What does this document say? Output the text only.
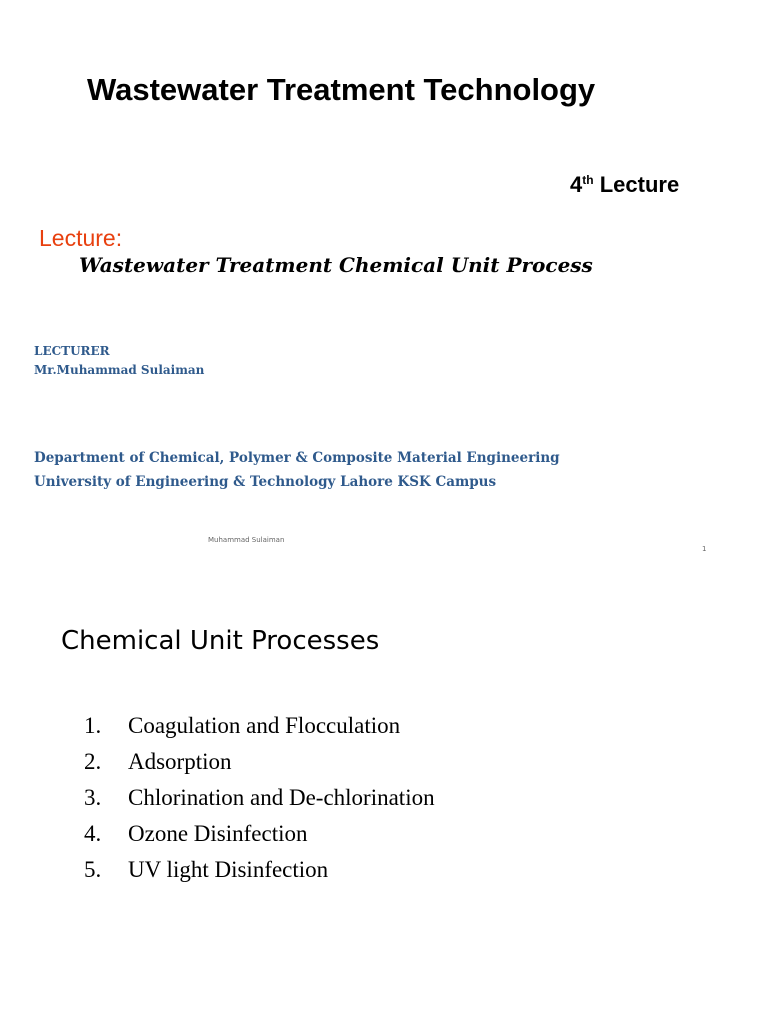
Wastewater Treatment Technology
4th Lecture
Lecture:
Wastewater Treatment Chemical Unit Process
LECTURER
Mr.Muhammad Sulaiman
Department of Chemical, Polymer & Composite Material Engineering
University of Engineering & Technology Lahore KSK Campus
Muhammad Sulaiman
1
Chemical Unit Processes
1.	Coagulation and Flocculation
2.	Adsorption
3.	Chlorination and De-chlorination
4.	Ozone Disinfection
5.	UV light Disinfection
